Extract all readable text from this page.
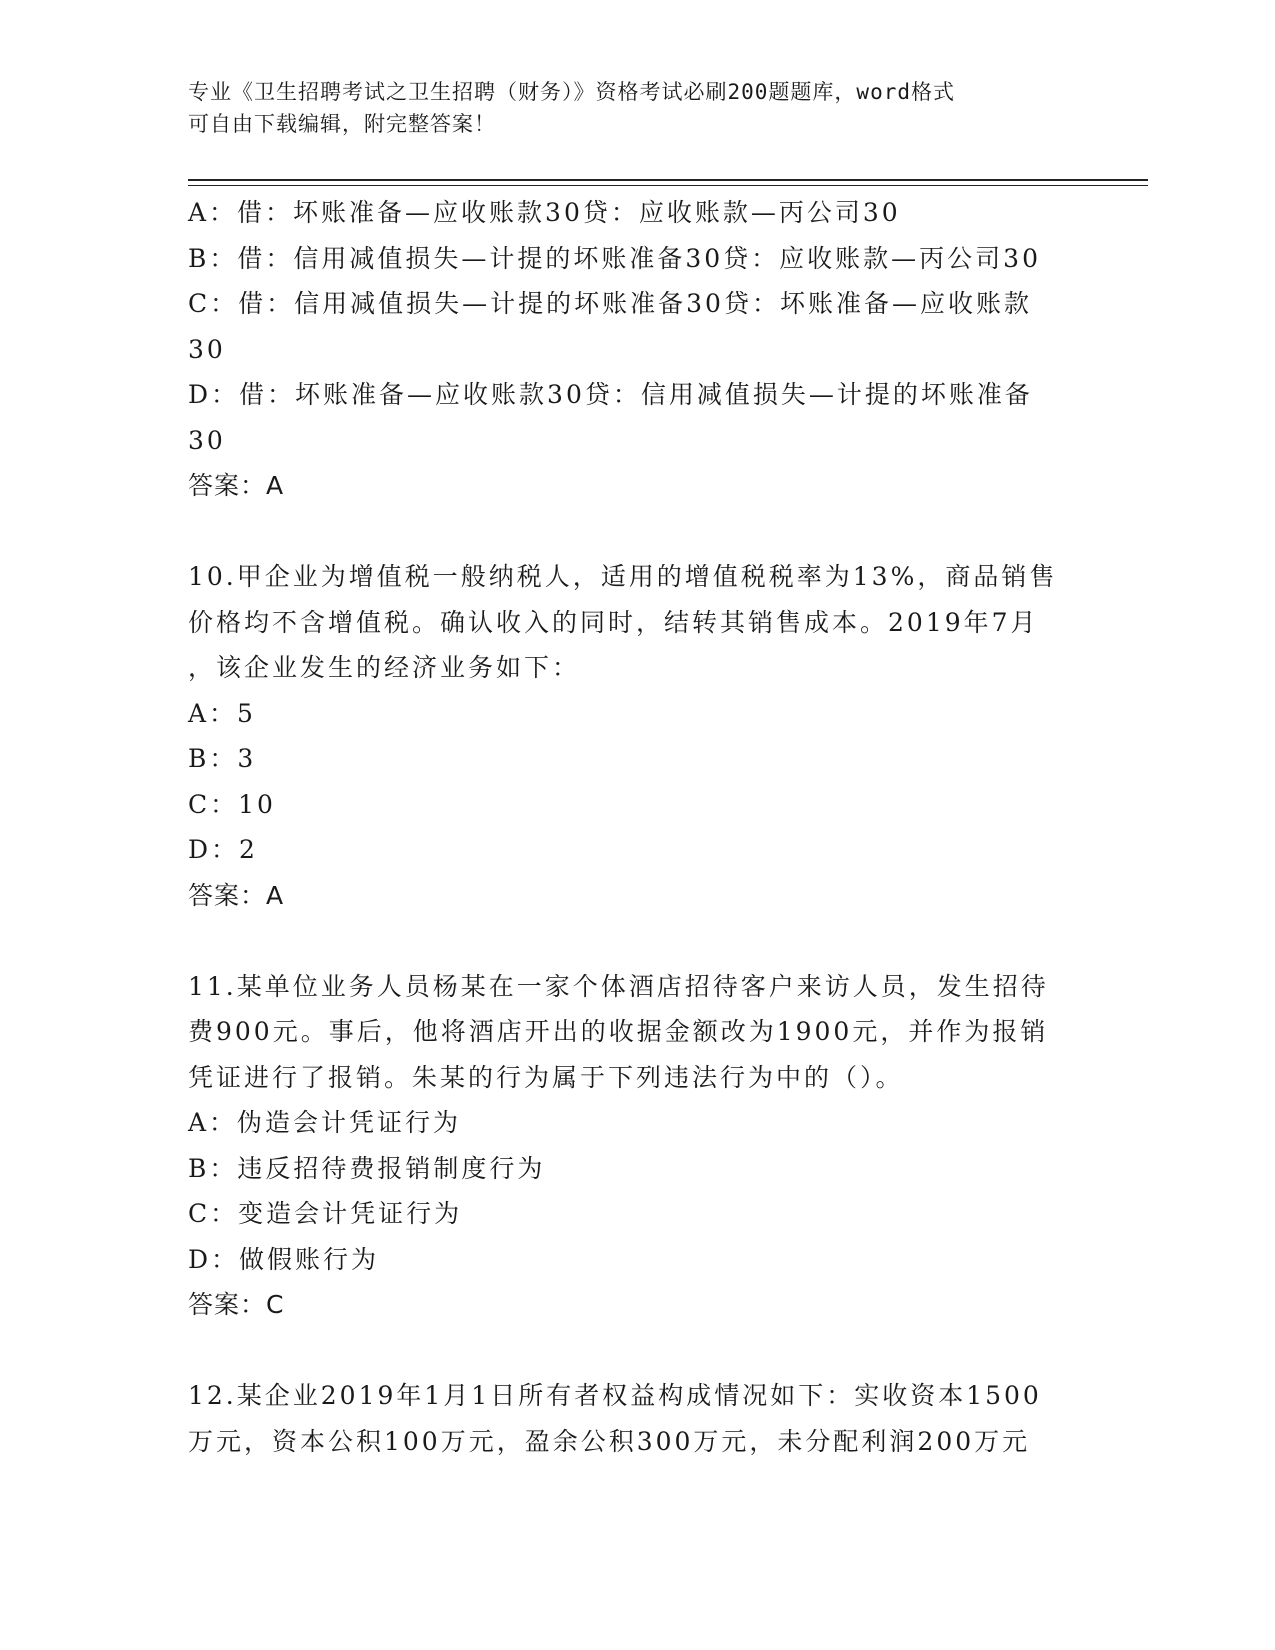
专业《卫生招聘考试之卫生招聘（财务）》资格考试必刷200题题库，word格式
可自由下载编辑，附完整答案！
A：借：坏账准备—应收账款30贷：应收账款—丙公司30
B：借：信用减值损失—计提的坏账准备30贷：应收账款—丙公司30
C：借：信用减值损失—计提的坏账准备30贷：坏账准备—应收账款
30
D：借：坏账准备—应收账款30贷：信用减值损失—计提的坏账准备
30
答案：A
10.甲企业为增值税一般纳税人，适用的增值税税率为13%，商品销售
价格均不含增值税。确认收入的同时，结转其销售成本。2019年7月
，该企业发生的经济业务如下：
A：5
B：3
C：10
D：2
答案：A
11.某单位业务人员杨某在一家个体酒店招待客户来访人员，发生招待
费900元。事后，他将酒店开出的收据金额改为1900元，并作为报销
凭证进行了报销。朱某的行为属于下列违法行为中的（）。
A：伪造会计凭证行为
B：违反招待费报销制度行为
C：变造会计凭证行为
D：做假账行为
答案：C
12.某企业2019年1月1日所有者权益构成情况如下：实收资本1500
万元，资本公积100万元，盈余公积300万元，未分配利润200万元
